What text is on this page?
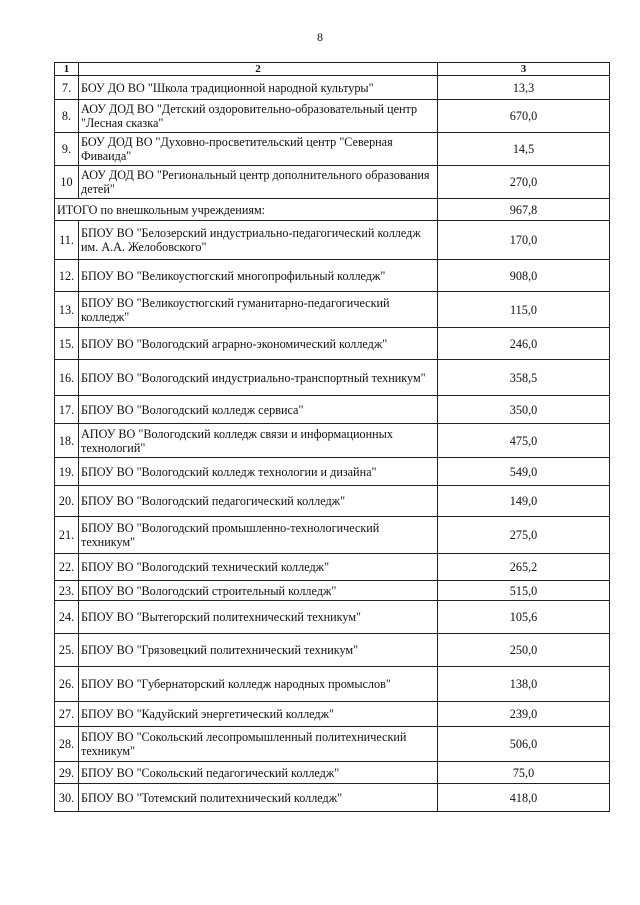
8
1	2	3
7.	БОУ ДО ВО "Школа традиционной народной культуры"	13,3
8.	АОУ ДОД ВО "Детский оздоровительно-образовательный центр "Лесная сказка"	670,0
9.	БОУ ДОД ВО "Духовно-просветительский центр "Северная Фиваида"	14,5
10	АОУ ДОД ВО "Региональный центр дополнительного образования детей"	270,0
ИТОГО по внешкольным учреждениям:		967,8
11.	БПОУ ВО "Белозерский индустриально-педагогический колледж им. А.А. Желобовского"	170,0
12.	БПОУ ВО "Великоустюгский многопрофильный колледж"	908,0
13.	БПОУ ВО "Великоустюгский гуманитарно-педагогический колледж"	115,0
15.	БПОУ ВО "Вологодский аграрно-экономический колледж"	246,0
16.	БПОУ ВО "Вологодский индустриально-транспортный техникум"	358,5
17.	БПОУ ВО "Вологодский колледж сервиса"	350,0
18.	АПОУ ВО "Вологодский колледж связи и информационных технологий"	475,0
19.	БПОУ ВО "Вологодский колледж технологии и дизайна"	549,0
20.	БПОУ ВО "Вологодский педагогический колледж"	149,0
21.	БПОУ ВО "Вологодский промышленно-технологический техникум"	275,0
22.	БПОУ ВО "Вологодский технический колледж"	265,2
23.	БПОУ ВО "Вологодский строительный колледж"	515,0
24.	БПОУ ВО "Вытегорский политехнический техникум"	105,6
25.	БПОУ ВО "Грязовецкий политехнический техникум"	250,0
26.	БПОУ ВО "Губернаторский колледж народных промыслов"	138,0
27.	БПОУ ВО "Кадуйский энергетический колледж"	239,0
28.	БПОУ ВО "Сокольский лесопромышленный политехнический техникум"	506,0
29.	БПОУ ВО "Сокольский педагогический колледж"	75,0
30.	БПОУ ВО "Тотемский политехнический колледж"	418,0
